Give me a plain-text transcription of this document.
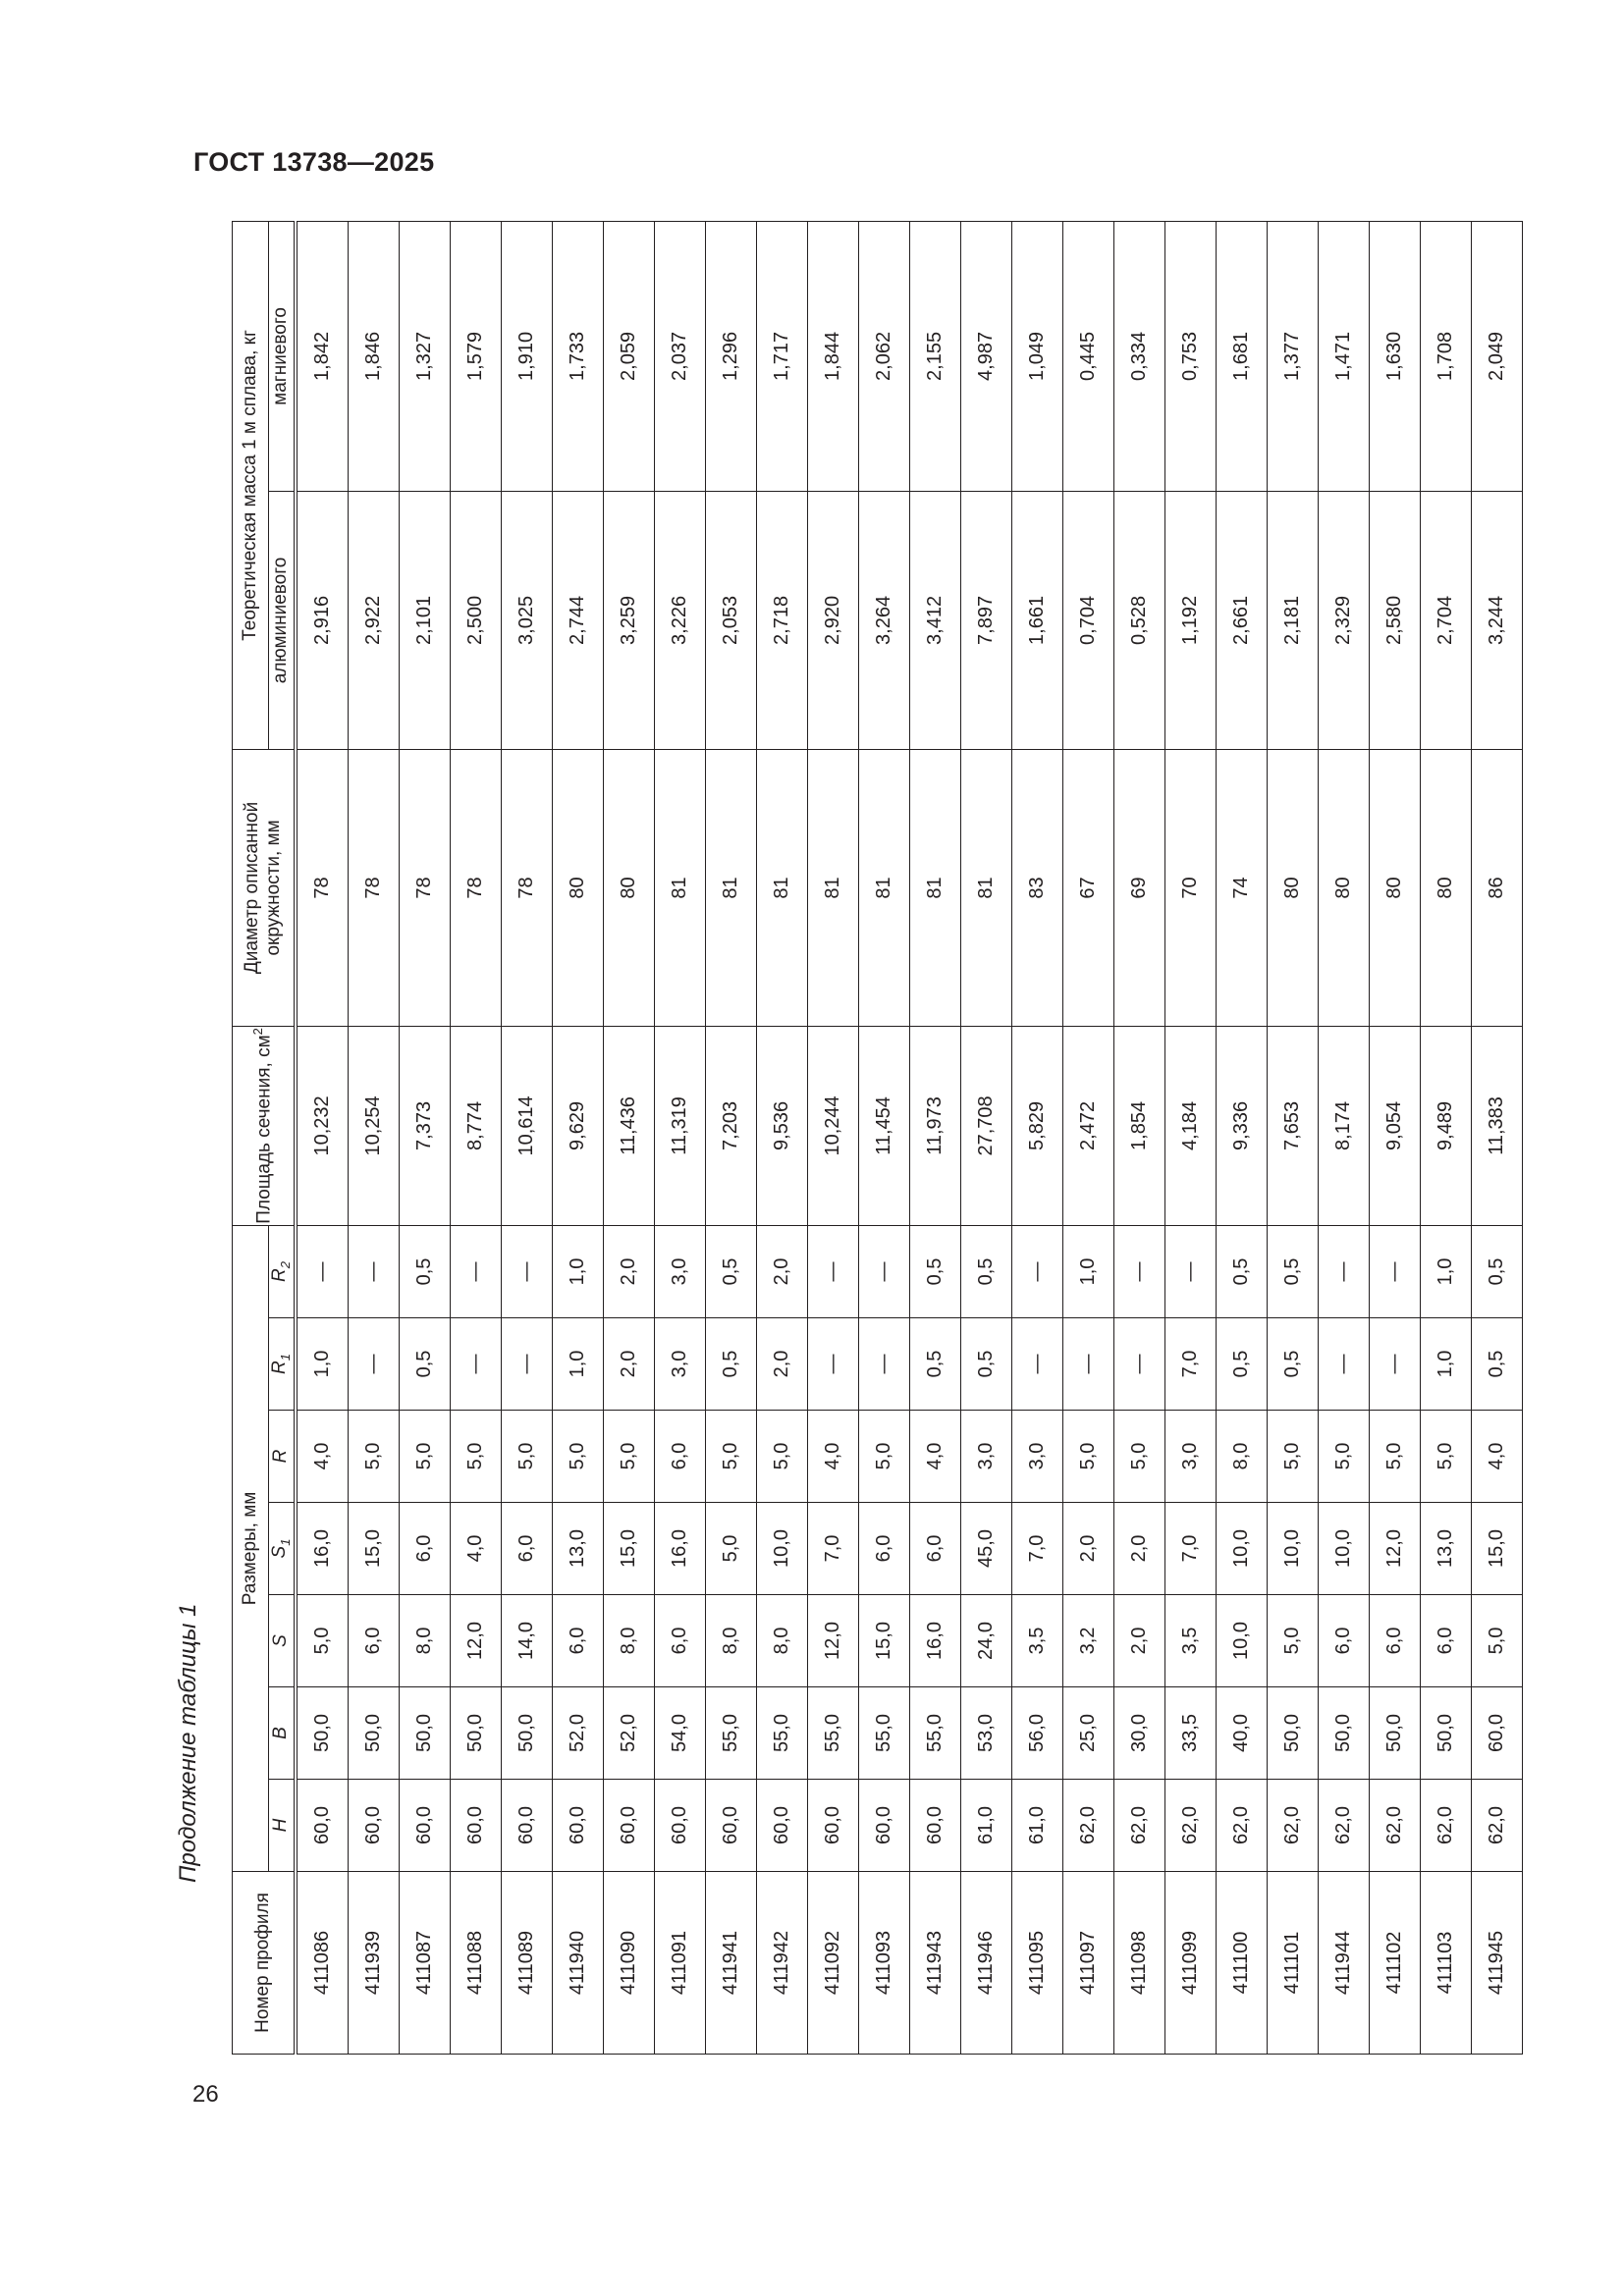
ГОСТ 13738—2025
Продолжение таблицы 1
26
Номер профиля	Размеры, мм							Площадь сечения, $см^2$	Диаметр описанной окружности, мм	Теоретическая масса 1 м сплава, кг	
	H	B	S	$S_1$	R	$R_1$	$R_2$			алюминиевого	магниевого
411086	60,0	50,0	5,0	16,0	4,0	1,0	—	10,232	78	2,916	1,842
411939	60,0	50,0	6,0	15,0	5,0	—	—	10,254	78	2,922	1,846
411087	60,0	50,0	8,0	6,0	5,0	0,5	0,5	7,373	78	2,101	1,327
411088	60,0	50,0	12,0	4,0	5,0	—	—	8,774	78	2,500	1,579
411089	60,0	50,0	14,0	6,0	5,0	—	—	10,614	78	3,025	1,910
411940	60,0	52,0	6,0	13,0	5,0	1,0	1,0	9,629	80	2,744	1,733
411090	60,0	52,0	8,0	15,0	5,0	2,0	2,0	11,436	80	3,259	2,059
411091	60,0	54,0	6,0	16,0	6,0	3,0	3,0	11,319	81	3,226	2,037
411941	60,0	55,0	8,0	5,0	5,0	0,5	0,5	7,203	81	2,053	1,296
411942	60,0	55,0	8,0	10,0	5,0	2,0	2,0	9,536	81	2,718	1,717
411092	60,0	55,0	12,0	7,0	4,0	—	—	10,244	81	2,920	1,844
411093	60,0	55,0	15,0	6,0	5,0	—	—	11,454	81	3,264	2,062
411943	60,0	55,0	16,0	6,0	4,0	0,5	0,5	11,973	81	3,412	2,155
411946	61,0	53,0	24,0	45,0	3,0	0,5	0,5	27,708	81	7,897	4,987
411095	61,0	56,0	3,5	7,0	3,0	—	—	5,829	83	1,661	1,049
411097	62,0	25,0	3,2	2,0	5,0	—	1,0	2,472	67	0,704	0,445
411098	62,0	30,0	2,0	2,0	5,0	—	—	1,854	69	0,528	0,334
411099	62,0	33,5	3,5	7,0	3,0	7,0	—	4,184	70	1,192	0,753
411100	62,0	40,0	10,0	10,0	8,0	0,5	0,5	9,336	74	2,661	1,681
411101	62,0	50,0	5,0	10,0	5,0	0,5	0,5	7,653	80	2,181	1,377
411944	62,0	50,0	6,0	10,0	5,0	—	—	8,174	80	2,329	1,471
411102	62,0	50,0	6,0	12,0	5,0	—	—	9,054	80	2,580	1,630
411103	62,0	50,0	6,0	13,0	5,0	1,0	1,0	9,489	80	2,704	1,708
411945	62,0	60,0	5,0	15,0	4,0	0,5	0,5	11,383	86	3,244	2,049
